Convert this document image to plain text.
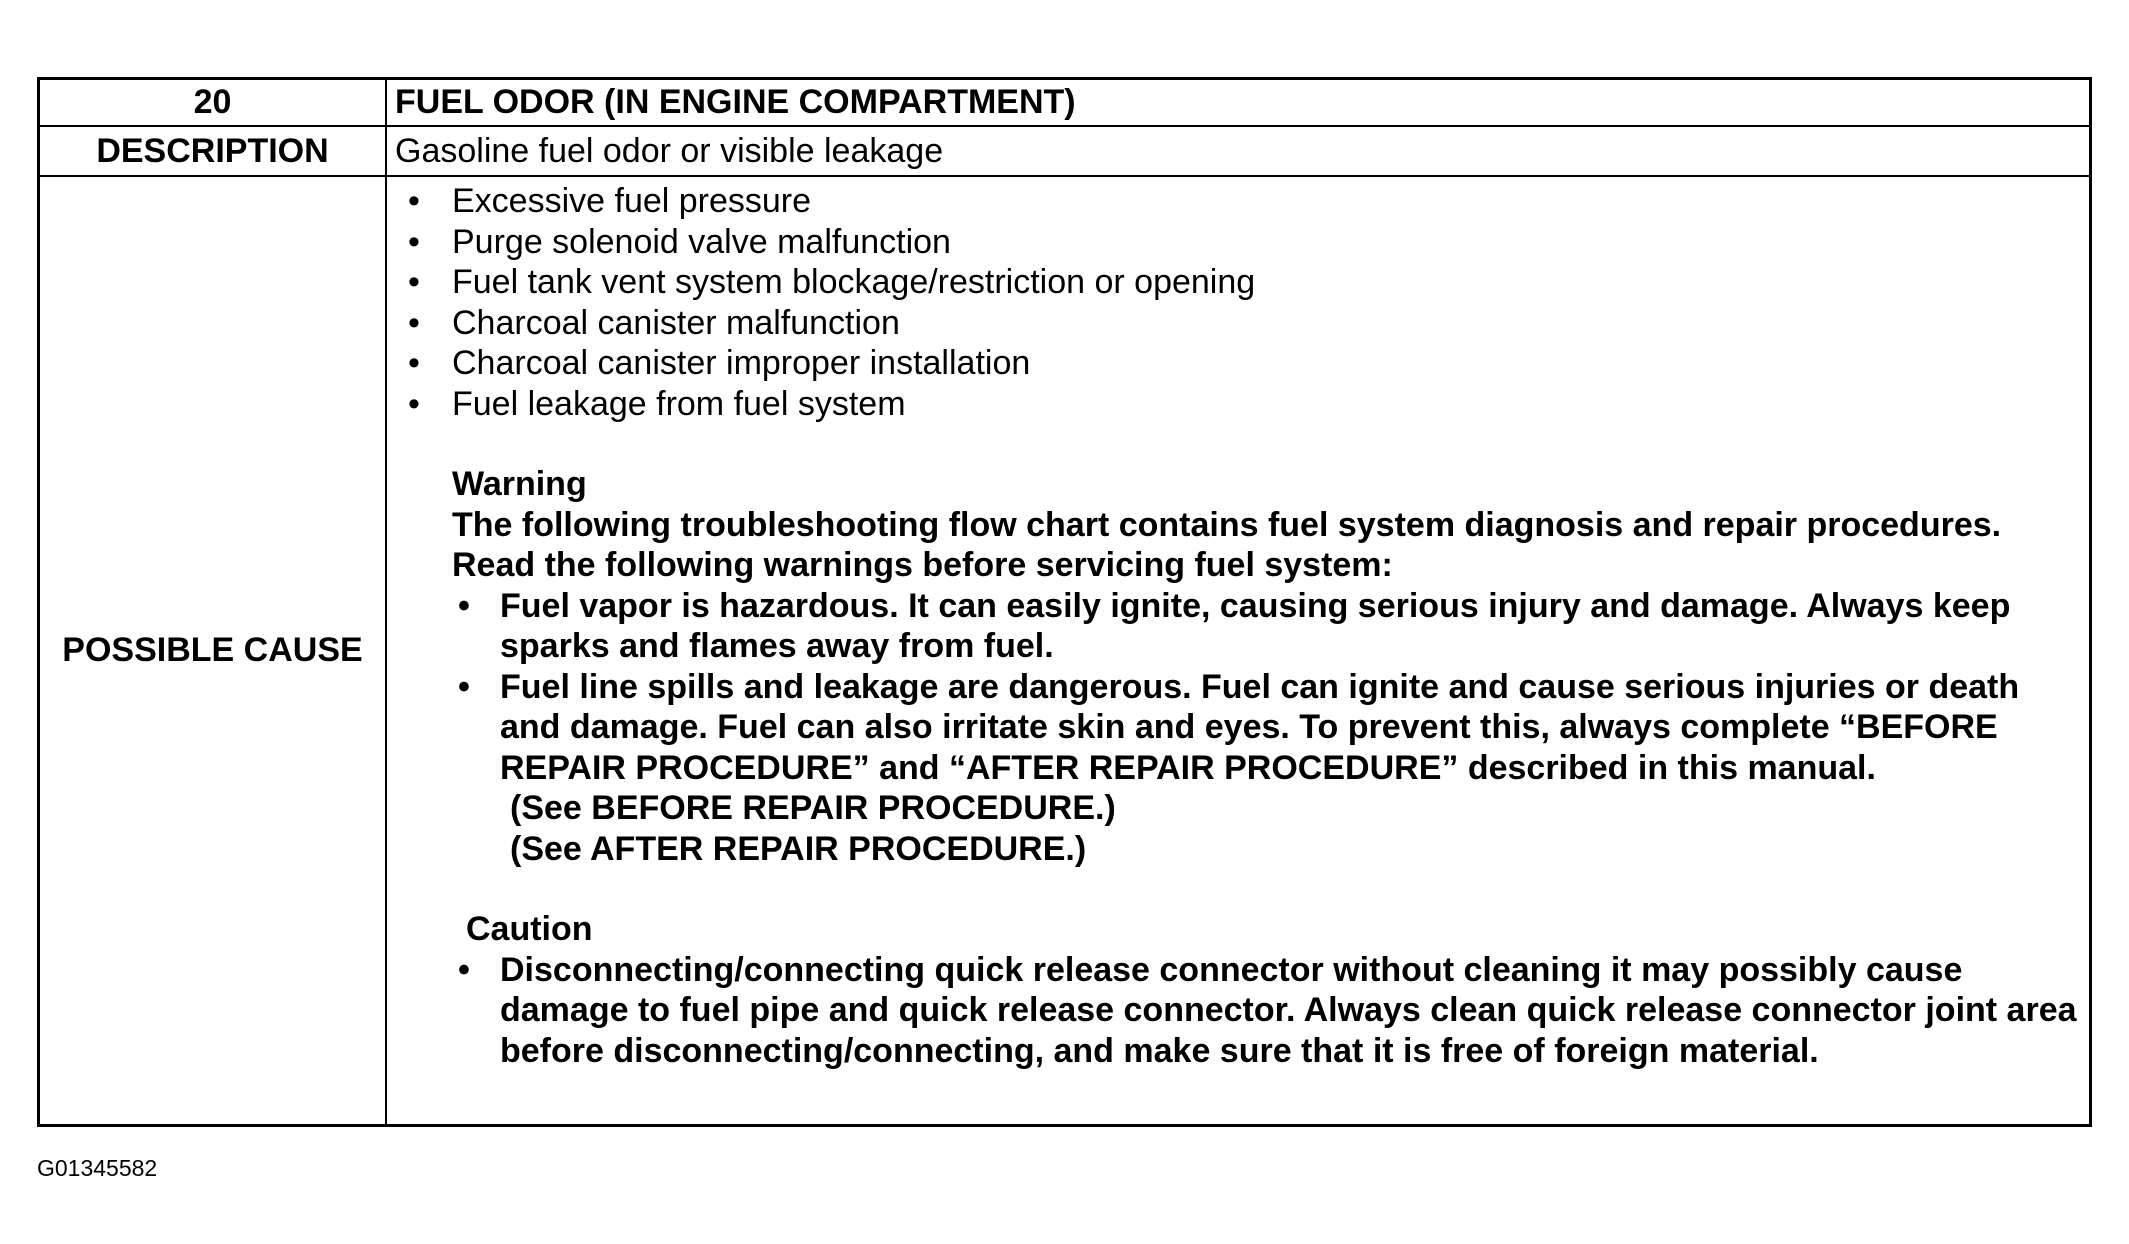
20	FUEL ODOR (IN ENGINE COMPARTMENT)
DESCRIPTION	Gasoline fuel odor or visible leakage
POSSIBLE CAUSE
• Excessive fuel pressure
• Purge solenoid valve malfunction
• Fuel tank vent system blockage/restriction or opening
• Charcoal canister malfunction
• Charcoal canister improper installation
• Fuel leakage from fuel system
Warning
The following troubleshooting flow chart contains fuel system diagnosis and repair procedures. Read the following warnings before servicing fuel system:
• Fuel vapor is hazardous. It can easily ignite, causing serious injury and damage. Always keep sparks and flames away from fuel.
• Fuel line spills and leakage are dangerous. Fuel can ignite and cause serious injuries or death and damage. Fuel can also irritate skin and eyes. To prevent this, always complete “BEFORE REPAIR PROCEDURE” and “AFTER REPAIR PROCEDURE” described in this manual.
(See BEFORE REPAIR PROCEDURE.)
(See AFTER REPAIR PROCEDURE.)
Caution
• Disconnecting/connecting quick release connector without cleaning it may possibly cause damage to fuel pipe and quick release connector. Always clean quick release connector joint area before disconnecting/connecting, and make sure that it is free of foreign material.
G01345582
